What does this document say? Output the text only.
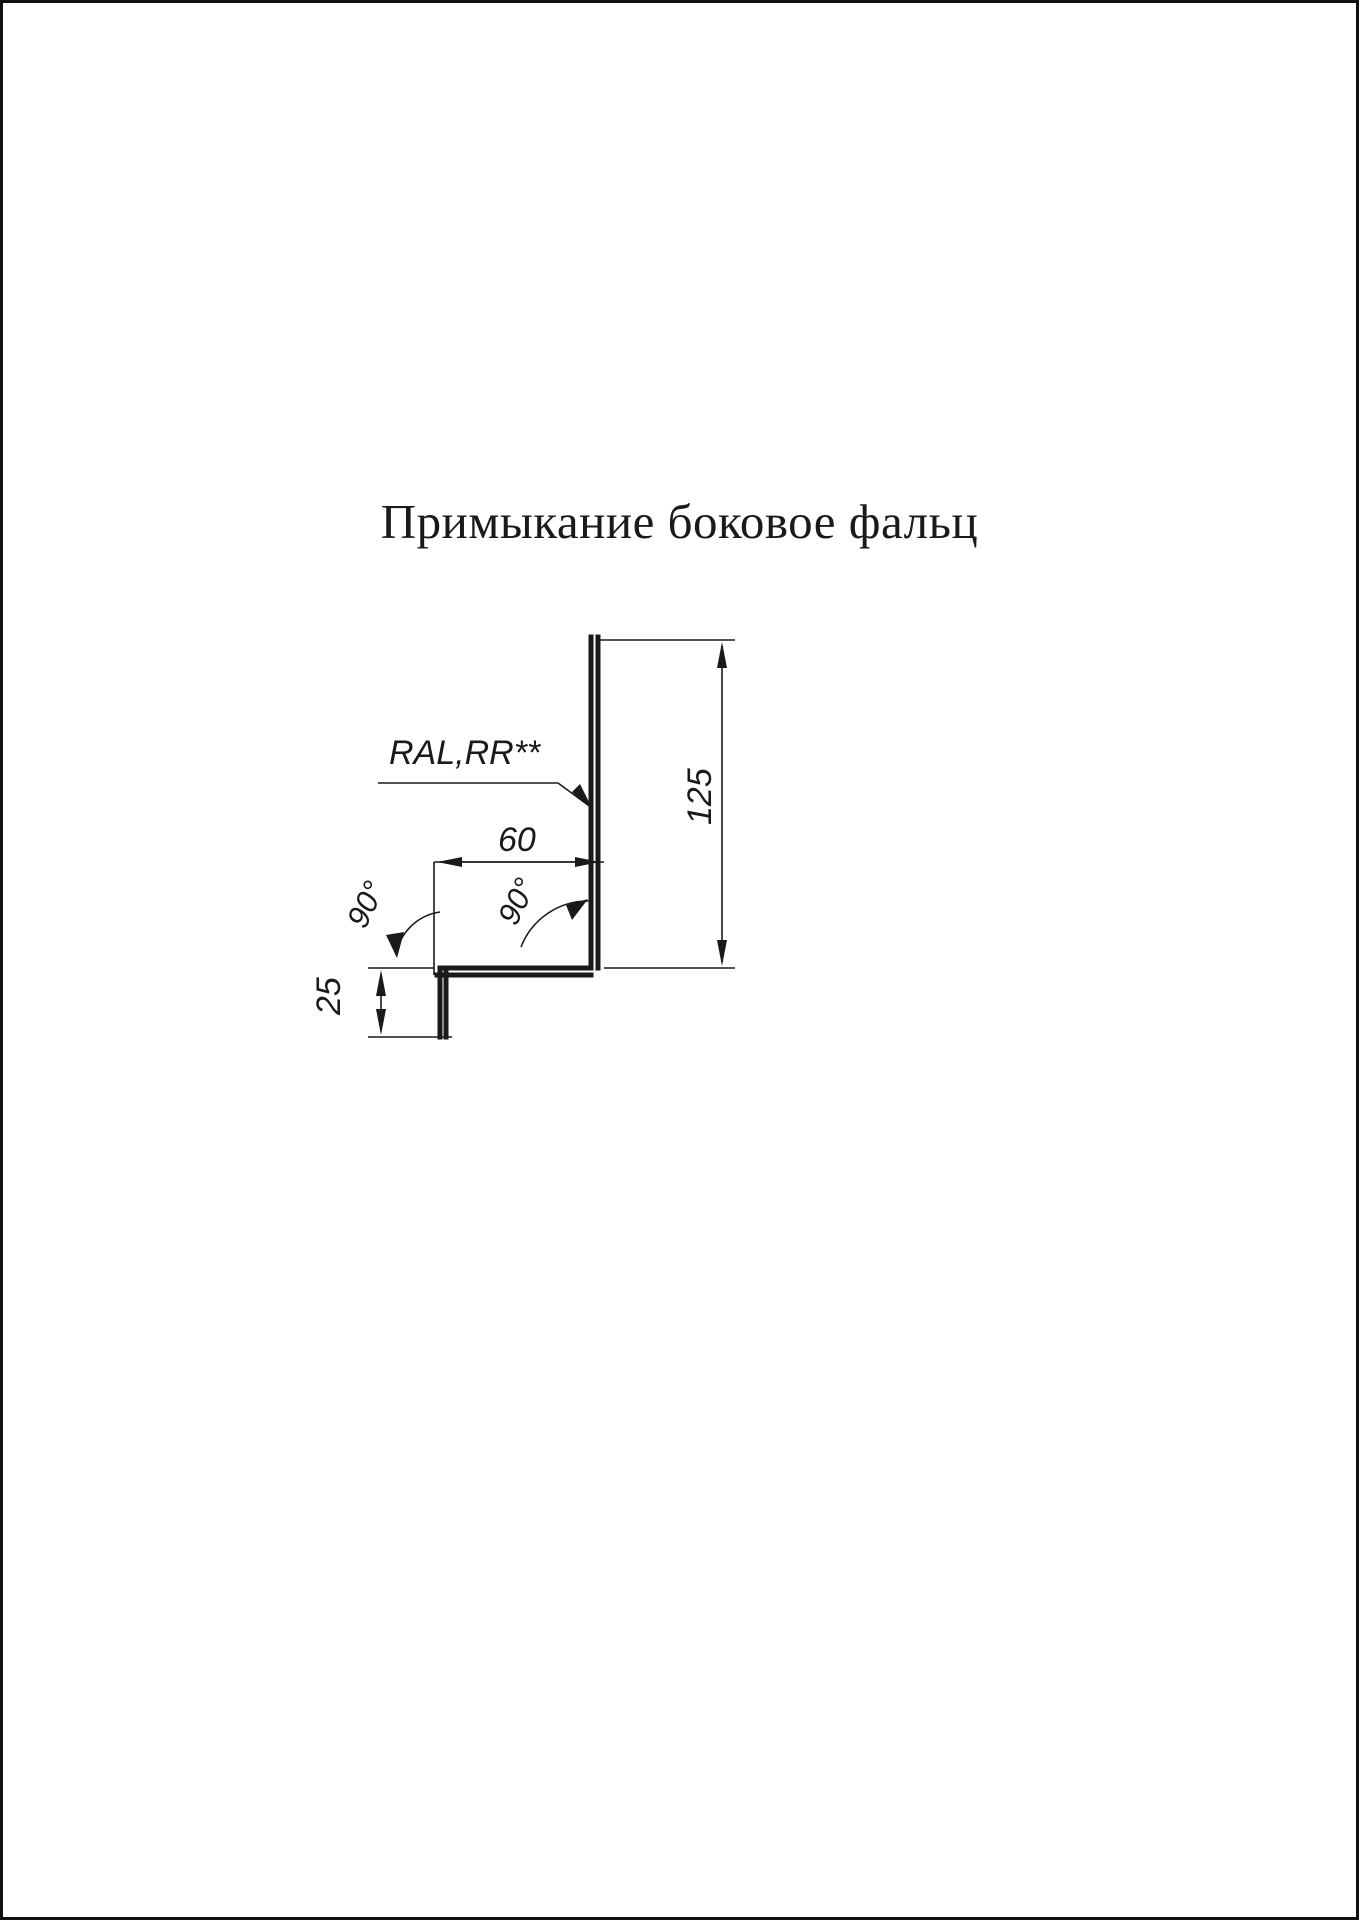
Примыкание боковое фальц
RAL,RR**
60
125
25
90°	90°
